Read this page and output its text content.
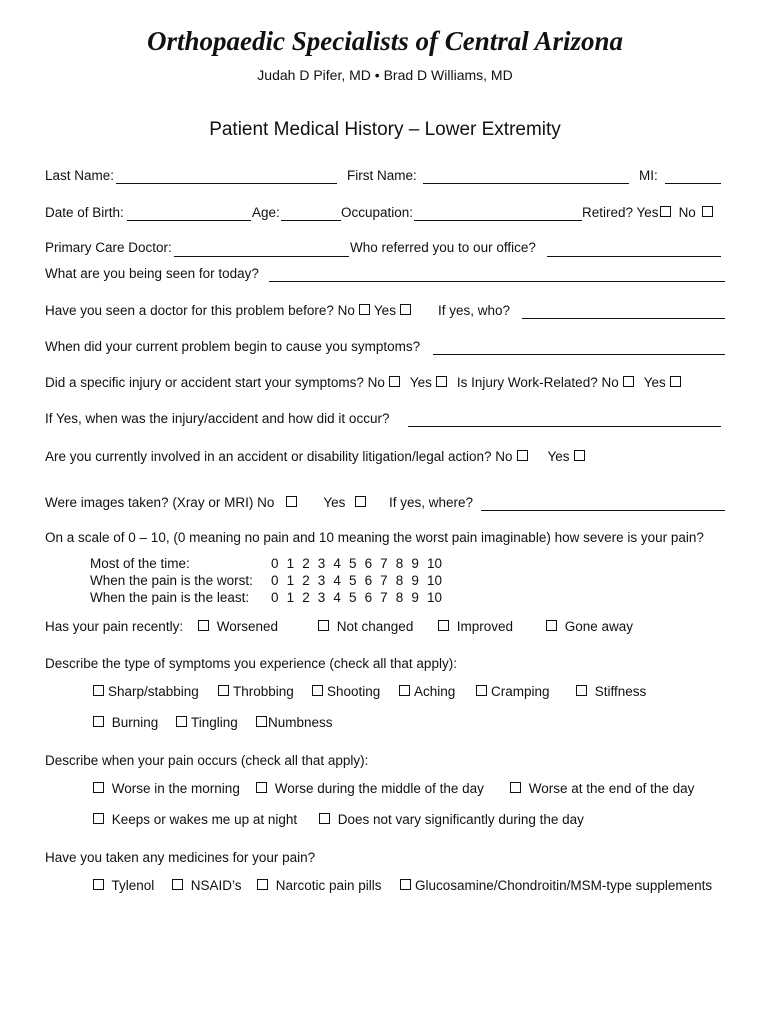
Orthopaedic Specialists of Central Arizona
Judah D Pifer, MD • Brad D Williams, MD
Patient Medical History – Lower Extremity
Last Name:	First Name:	MI:
Date of Birth:	Age:	Occupation:	Retired? Yes No
Primary Care Doctor:	Who referred you to our office?
What are you being seen for today?
Have you seen a doctor for this problem before? No Yes	If yes, who?
When did your current problem begin to cause you symptoms?
Did a specific injury or accident start your symptoms? No Yes Is Injury Work-Related? No Yes
If Yes, when was the injury/accident and how did it occur?
Are you currently involved in an accident or disability litigation/legal action? No	Yes
Were images taken? (Xray or MRI) No	Yes	If yes, where?
On a scale of 0 – 10, (0 meaning no pain and 10 meaning the worst pain imaginable) how severe is your pain?
Most of the time:	0 1 2 3 4 5 6 7 8 9 10
When the pain is the worst: 0 1 2 3 4 5 6 7 8 9 10
When the pain is the least: 0 1 2 3 4 5 6 7 8 9 10
Has your pain recently:	Worsened	Not changed	Improved	Gone away
Describe the type of symptoms you experience (check all that apply):
Sharp/stabbing	Throbbing	Shooting	Aching	Cramping	Stiffness
Burning	Tingling	Numbness
Describe when your pain occurs (check all that apply):
Worse in the morning	Worse during the middle of the day	Worse at the end of the day
Keeps or wakes me up at night	Does not vary significantly during the day
Have you taken any medicines for your pain?
Tylenol	NSAID’s	Narcotic pain pills	Glucosamine/Chondroitin/MSM-type supplements
